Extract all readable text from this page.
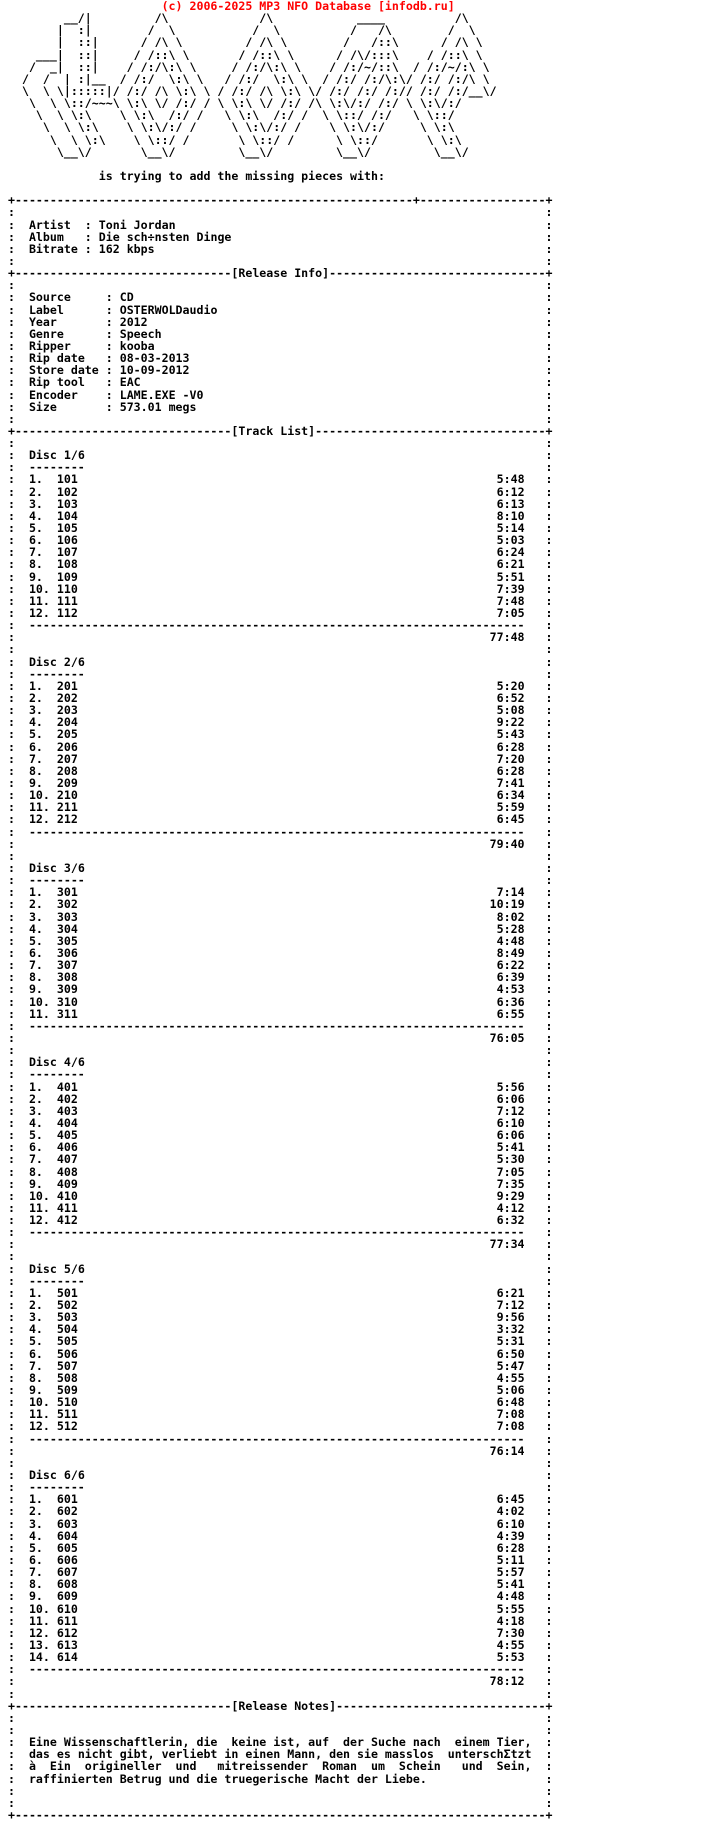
(c) 2006-2025 MP3 NFO Database [infodb.ru]
__/|         /\             /\            ____          /\
|  :|        /  \           /  \          /   /\        /  \
|  ::|      / /\ \         / /\ \        /   /::\      / /\ \
___|  ::|     / /::\ \       / /::\ \      / /\/:::\    / /::\ \
/  _|  ::|    / /:/\:\ \     / /:/\:\ \    / /:/~/::\  / /:/~/:\ \
/  /  | :|__  / /:/  \:\ \   / /:/  \:\ \  / /:/ /:/\:\/ /:/ /:/\ \
\  \ \|:::::|/ /:/ /\ \:\ \ / /:/ /\ \:\ \/ /:/ /:/ /:// /:/ /:/__\/
\  \ \::/~~~\ \:\ \/ /:/ / \ \:\ \/ /:/ /\ \:\/:/ /:/ \ \:\/:/
\  \ \:\    \ \:\  /:/ /   \ \:\  /:/ /  \ \::/ /:/   \ \::/
\  \ \:\    \ \:\/:/ /     \ \:\/:/ /    \ \:\/:/     \ \:\
\  \ \:\    \ \::/ /       \ \::/ /      \ \::/       \ \:\
\__\/       \__\/         \__\/         \__\/         \__\/

is trying to add the missing pieces with:

+---------------------------------------------------------+------------------+
:                                                                            :
: Artist  : Toni Jordan                                                     :
: Album   : Die sch÷nsten Dinge                                             :
: Bitrate : 162 kbps                                                        :
:                                                                            :
+-------------------------------[Release Info]-------------------------------+
:                                                                            :
: Source     : CD                                                           :
: Label      : OSTERWOLDaudio                                               :
: Year       : 2012                                                         :
: Genre      : Speech                                                       :
: Ripper     : kooba                                                        :
: Rip date   : 08-03-2013                                                   :
: Store date : 10-09-2012                                                   :
: Rip tool   : EAC                                                          :
: Encoder    : LAME.EXE -V0                                                 :
: Size       : 573.01 megs                                                  :
:                                                                            :
+-------------------------------[Track List]---------------------------------+
:                                                                            :
: Disc 1/6                                                                  :
:  --------                                                                  :
: 1.  101                                                            5:48   :
: 2.  102                                                            6:12   :
: 3.  103                                                            6:13   :
: 4.  104                                                            8:10   :
: 5.  105                                                            5:14   :
: 6.  106                                                            5:03   :
: 7.  107                                                            6:24   :
: 8.  108                                                            6:21   :
: 9.  109                                                            5:51   :
: 10. 110                                                            7:39   :
: 11. 111                                                            7:48   :
: 12. 112                                                            7:05   :
:  -----------------------------------------------------------------------   :
:                                                                    77:48   :
:                                                                            :
: Disc 2/6                                                                  :
:  --------                                                                  :
: 1.  201                                                            5:20   :
: 2.  202                                                            6:52   :
: 3.  203                                                            5:08   :
: 4.  204                                                            9:22   :
: 5.  205                                                            5:43   :
: 6.  206                                                            6:28   :
: 7.  207                                                            7:20   :
: 8.  208                                                            6:28   :
: 9.  209                                                            7:41   :
: 10. 210                                                            6:34   :
: 11. 211                                                            5:59   :
: 12. 212                                                            6:45   :
:  -----------------------------------------------------------------------   :
:                                                                    79:40   :
:                                                                            :
: Disc 3/6                                                                  :
:  --------                                                                  :
: 1.  301                                                            7:14   :
: 2.  302                                                           10:19   :
: 3.  303                                                            8:02   :
: 4.  304                                                            5:28   :
: 5.  305                                                            4:48   :
: 6.  306                                                            8:49   :
: 7.  307                                                            6:22   :
: 8.  308                                                            6:39   :
: 9.  309                                                            4:53   :
: 10. 310                                                            6:36   :
: 11. 311                                                            6:55   :
:  -----------------------------------------------------------------------   :
:                                                                    76:05   :
:                                                                            :
: Disc 4/6                                                                  :
:  --------                                                                  :
: 1.  401                                                            5:56   :
: 2.  402                                                            6:06   :
: 3.  403                                                            7:12   :
: 4.  404                                                            6:10   :
: 5.  405                                                            6:06   :
: 6.  406                                                            5:41   :
: 7.  407                                                            5:30   :
: 8.  408                                                            7:05   :
: 9.  409                                                            7:35   :
: 10. 410                                                            9:29   :
: 11. 411                                                            4:12   :
: 12. 412                                                            6:32   :
:  -----------------------------------------------------------------------   :
:                                                                    77:34   :
:                                                                            :
: Disc 5/6                                                                  :
:  --------                                                                  :
: 1.  501                                                            6:21   :
: 2.  502                                                            7:12   :
: 3.  503                                                            9:56   :
: 4.  504                                                            3:32   :
: 5.  505                                                            5:31   :
: 6.  506                                                            6:50   :
: 7.  507                                                            5:47   :
: 8.  508                                                            4:55   :
: 9.  509                                                            5:06   :
: 10. 510                                                            6:48   :
: 11. 511                                                            7:08   :
: 12. 512                                                            7:08   :
:  -----------------------------------------------------------------------   :
:                                                                    76:14   :
:                                                                            :
: Disc 6/6                                                                  :
:  --------                                                                  :
: 1.  601                                                            6:45   :
: 2.  602                                                            4:02   :
: 3.  603                                                            6:10   :
: 4.  604                                                            4:39   :
: 5.  605                                                            6:28   :
: 6.  606                                                            5:11   :
: 7.  607                                                            5:57   :
: 8.  608                                                            5:41   :
: 9.  609                                                            4:48   :
: 10. 610                                                            5:55   :
: 11. 611                                                            4:18   :
: 12. 612                                                            7:30   :
: 13. 613                                                            4:55   :
: 14. 614                                                            5:53   :
:  -----------------------------------------------------------------------   :
:                                                                    78:12   :
:                                                                            :
+-------------------------------[Release Notes]------------------------------+
:                                                                            :
:                                                                            :
: Eine Wissenschaftlerin, die  keine ist, auf  der Suche nach  einem Tier,  :
: das es nicht gibt, verliebt in einen Mann, den sie masslos  unterschΣtzt  :
: à  Ein  origineller  und   mitreissender  Roman  um  Schein   und  Sein,  :
: raffinierten Betrug und die truegerische Macht der Liebe.                 :
:                                                                            :
:                                                                            :
+----------------------------------------------------------------------------+
